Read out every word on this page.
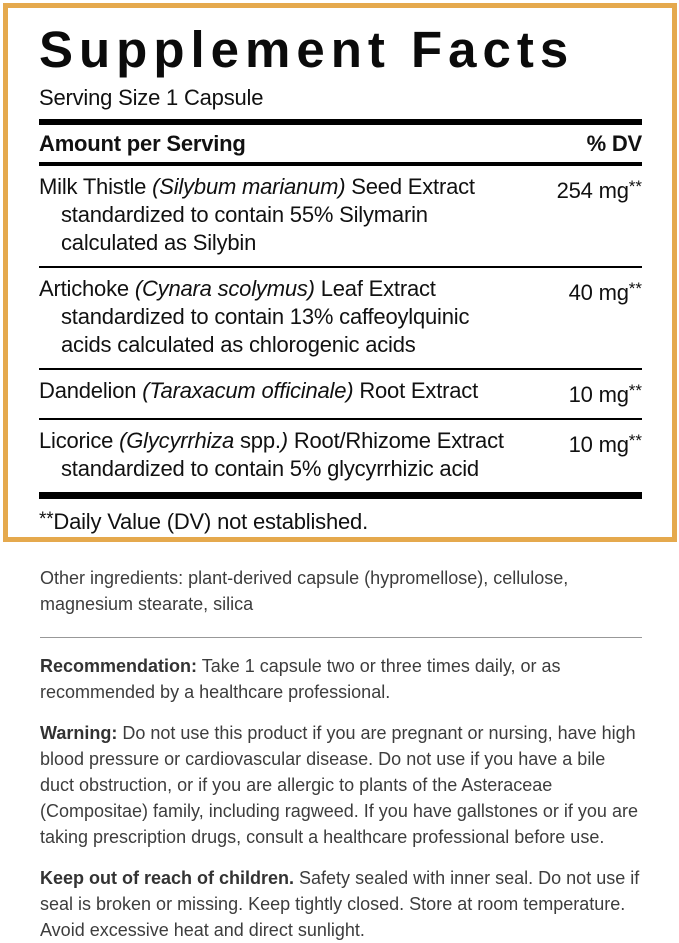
Supplement Facts
Serving Size 1 Capsule
Amount per Serving	% DV
Milk Thistle (Silybum marianum) Seed Extract
standardized to contain 55% Silymarin
calculated as Silybin
254 mg**
Artichoke (Cynara scolymus) Leaf Extract
standardized to contain 13% caffeoylquinic
acids calculated as chlorogenic acids
40 mg**
Dandelion (Taraxacum officinale) Root Extract	10 mg**
Licorice (Glycyrrhiza spp.) Root/Rhizome Extract
standardized to contain 5% glycyrrhizic acid
10 mg**
**Daily Value (DV) not established.

Other ingredients: plant-derived capsule (hypromellose), cellulose, magnesium stearate, silica

Recommendation: Take 1 capsule two or three times daily, or as recommended by a healthcare professional.

Warning: Do not use this product if you are pregnant or nursing, have high blood pressure or cardiovascular disease. Do not use if you have a bile duct obstruction, or if you are allergic to plants of the Asteraceae (Compositae) family, including ragweed. If you have gallstones or if you are taking prescription drugs, consult a healthcare professional before use.

Keep out of reach of children. Safety sealed with inner seal. Do not use if seal is broken or missing. Keep tightly closed. Store at room temperature. Avoid excessive heat and direct sunlight.
